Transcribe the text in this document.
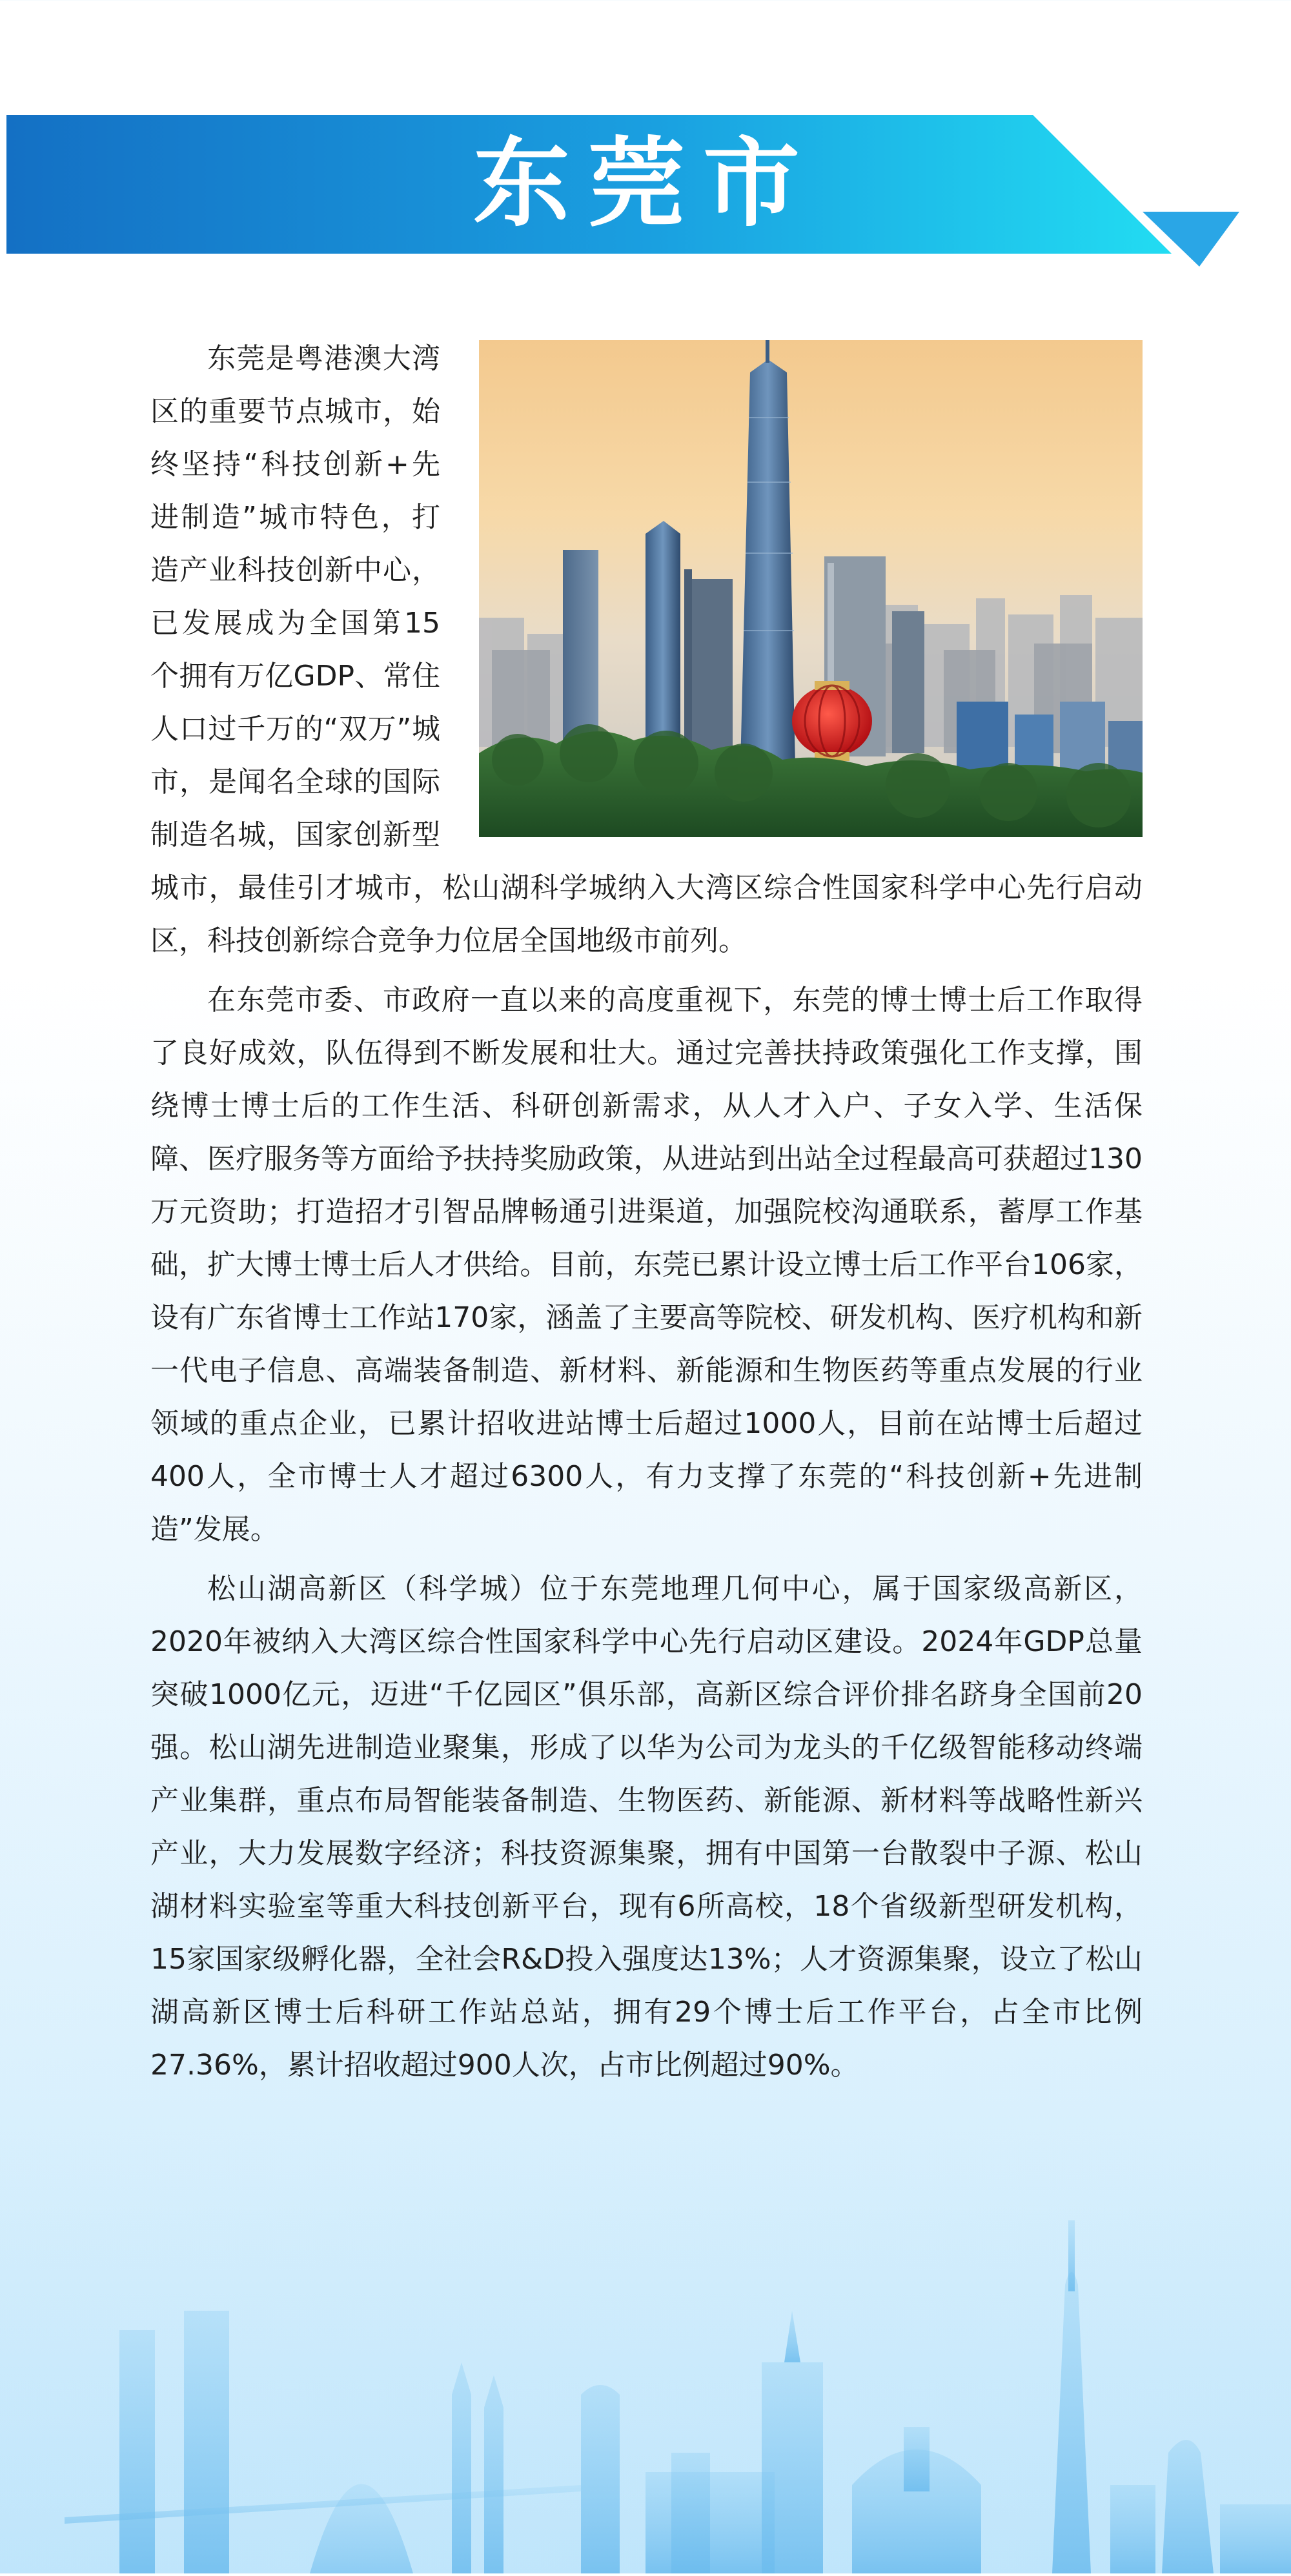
东莞市

东莞是粤港澳大湾区的重要节点城市，始终坚持“科技创新+先进制造”城市特色，打造产业科技创新中心，已发展成为全国第15个拥有万亿GDP、常住人口过千万的“双万”城市，是闻名全球的国际制造名城，国家创新型城市，最佳引才城市，松山湖科学城纳入大湾区综合性国家科学中心先行启动区，科技创新综合竞争力位居全国地级市前列。

在东莞市委、市政府一直以来的高度重视下，东莞的博士博士后工作取得了良好成效，队伍得到不断发展和壮大。通过完善扶持政策强化工作支撑，围绕博士博士后的工作生活、科研创新需求，从人才入户、子女入学、生活保障、医疗服务等方面给予扶持奖励政策，从进站到出站全过程最高可获超过130万元资助；打造招才引智品牌畅通引进渠道，加强院校沟通联系，蓄厚工作基础，扩大博士博士后人才供给。目前，东莞已累计设立博士后工作平台106家，设有广东省博士工作站170家，涵盖了主要高等院校、研发机构、医疗机构和新一代电子信息、高端装备制造、新材料、新能源和生物医药等重点发展的行业领域的重点企业，已累计招收进站博士后超过1000人，目前在站博士后超过400人，全市博士人才超过6300人，有力支撑了东莞的“科技创新+先进制造”发展。

松山湖高新区（科学城）位于东莞地理几何中心，属于国家级高新区，2020年被纳入大湾区综合性国家科学中心先行启动区建设。2024年GDP总量突破1000亿元，迈进“千亿园区”俱乐部，高新区综合评价排名跻身全国前20强。松山湖先进制造业聚集，形成了以华为公司为龙头的千亿级智能移动终端产业集群，重点布局智能装备制造、生物医药、新能源、新材料等战略性新兴产业，大力发展数字经济；科技资源集聚，拥有中国第一台散裂中子源、松山湖材料实验室等重大科技创新平台，现有6所高校，18个省级新型研发机构，15家国家级孵化器，全社会R&D投入强度达13%；人才资源集聚，设立了松山湖高新区博士后科研工作站总站，拥有29个博士后工作平台，占全市比例27.36%，累计招收超过900人次，占市比例超过90%。
